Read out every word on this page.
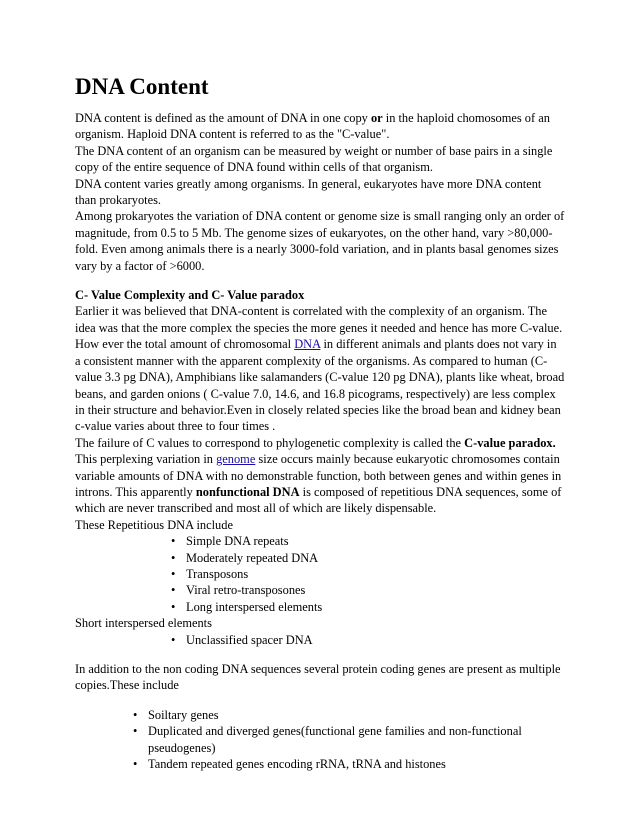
DNA Content

DNA content is defined as the amount of DNA in one copy or in the haploid chomosomes of an organism. Haploid DNA content is referred to as the "C-value".

The DNA content of an organism can be measured by weight or number of base pairs in a single copy of the entire sequence of DNA found within cells of that organism.

DNA content varies greatly among organisms. In general, eukaryotes have more DNA content than prokaryotes.

Among prokaryotes the variation of DNA content or genome size is small ranging only an order of magnitude, from 0.5 to 5 Mb. The genome sizes of eukaryotes, on the other hand, vary >80,000-fold. Even among animals there is a nearly 3000-fold variation, and in plants basal genomes sizes vary by a factor of >6000.

C- Value Complexity and C- Value paradox

Earlier it was believed that DNA-content is correlated with the complexity of an organism. The idea was that the more complex the species the more genes it needed and hence has more C-value.

How ever the total amount of chromosomal DNA in different animals and plants does not vary in a consistent manner with the apparent complexity of the organisms. As compared to human (C-value 3.3 pg DNA), Amphibians like salamanders (C-value 120 pg DNA), plants like wheat, broad beans, and garden onions ( C-value 7.0, 14.6, and 16.8 picograms, respectively) are less complex in their structure and behavior.Even in closely related species like the broad bean and kidney bean c-value varies about three to four times .

The failure of C values to correspond to phylogenetic complexity is called the C-value paradox. This perplexing variation in genome size occurs mainly because eukaryotic chromosomes contain variable amounts of DNA with no demonstrable function, both between genes and within genes in introns. This apparently nonfunctional DNA is composed of repetitious DNA sequences, some of which are never transcribed and most all of which are likely dispensable.

These Repetitious DNA include

• Simple DNA repeats
• Moderately repeated DNA
• Transposons
• Viral retro-transposones
• Long interspersed elements

Short interspersed elements

• Unclassified spacer DNA

In addition to the non coding DNA sequences several protein coding genes are present as multiple copies.These include

• Soiltary genes
• Duplicated and diverged genes(functional gene families and non-functional pseudogenes)
• Tandem repeated genes encoding rRNA, tRNA and histones
